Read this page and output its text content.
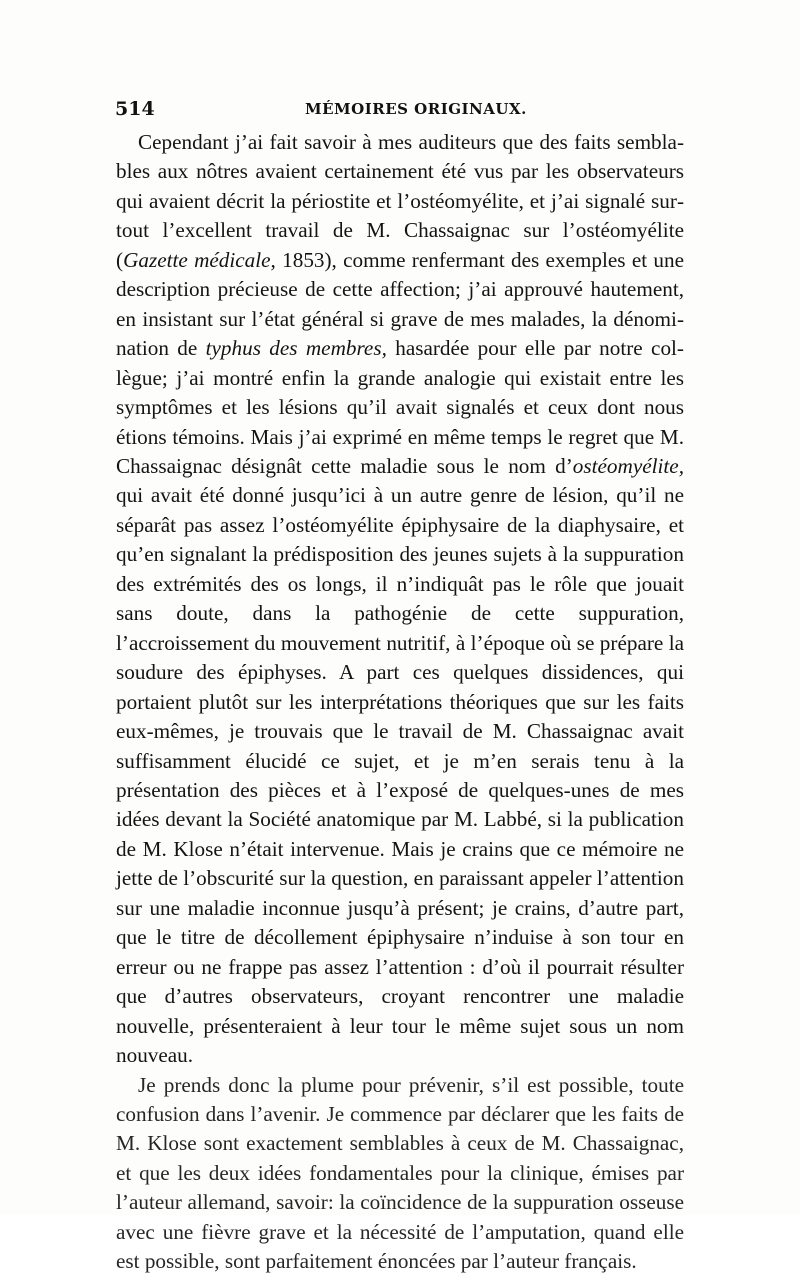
514	MÉMOIRES ORIGINAUX.

Cependant j’ai fait savoir à mes auditeurs que des faits semblables aux nôtres avaient certainement été vus par les observateurs qui avaient décrit la périostite et l’ostéomyélite, et j’ai signalé surtout l’excellent travail de M. Chassaignac sur l’ostéomyélite (Gazette médicale, 1853), comme renfermant des exemples et une description précieuse de cette affection; j’ai approuvé hautement, en insistant sur l’état général si grave de mes malades, la dénomination de typhus des membres, hasardée pour elle par notre collègue; j’ai montré enfin la grande analogie qui existait entre les symptômes et les lésions qu’il avait signalés et ceux dont nous étions témoins. Mais j’ai exprimé en même temps le regret que M. Chassaignac désignât cette maladie sous le nom d’ostéomyélite, qui avait été donné jusqu’ici à un autre genre de lésion, qu’il ne séparât pas assez l’ostéomyélite épiphysaire de la diaphysaire, et qu’en signalant la prédisposition des jeunes sujets à la suppuration des extrémités des os longs, il n’indiquât pas le rôle que jouait sans doute, dans la pathogénie de cette suppuration, l’accroissement du mouvement nutritif, à l’époque où se prépare la soudure des épiphyses. A part ces quelques dissidences, qui portaient plutôt sur les interprétations théoriques que sur les faits eux-mêmes, je trouvais que le travail de M. Chassaignac avait suffisamment élucidé ce sujet, et je m’en serais tenu à la présentation des pièces et à l’exposé de quelques-unes de mes idées devant la Société anatomique par M. Labbé, si la publication de M. Klose n’était intervenue. Mais je crains que ce mémoire ne jette de l’obscurité sur la question, en paraissant appeler l’attention sur une maladie inconnue jusqu’à présent; je crains, d’autre part, que le titre de décollement épiphysaire n’induise à son tour en erreur ou ne frappe pas assez l’attention : d’où il pourrait résulter que d’autres observateurs, croyant rencontrer une maladie nouvelle, présenteraient à leur tour le même sujet sous un nom nouveau.

Je prends donc la plume pour prévenir, s’il est possible, toute confusion dans l’avenir. Je commence par déclarer que les faits de M. Klose sont exactement semblables à ceux de M. Chassaignac, et que les deux idées fondamentales pour la clinique, émises par l’auteur allemand, savoir: la coïncidence de la suppuration osseuse avec une fièvre grave et la nécessité de l’amputation, quand elle est possible, sont parfaitement énoncées par l’auteur français.
